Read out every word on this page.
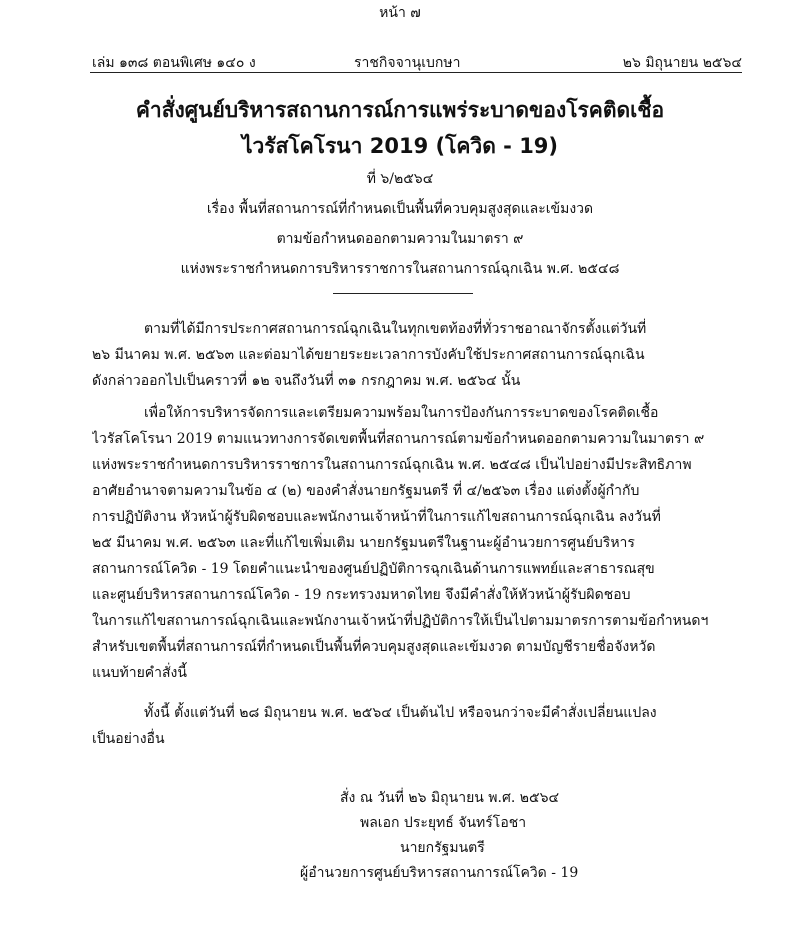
หน้า ๗
เล่ม ๑๓๘ ตอนพิเศษ ๑๔๐ ง	ราชกิจจานุเบกษา	๒๖ มิถุนายน ๒๕๖๔
คำสั่งศูนย์บริหารสถานการณ์การแพร่ระบาดของโรคติดเชื้อ
ไวรัสโคโรนา 2019 (โควิด - 19)
ที่ ๖/๒๕๖๔
เรื่อง พื้นที่สถานการณ์ที่กำหนดเป็นพื้นที่ควบคุมสูงสุดและเข้มงวด
ตามข้อกำหนดออกตามความในมาตรา ๙
แห่งพระราชกำหนดการบริหารราชการในสถานการณ์ฉุกเฉิน พ.ศ. ๒๕๔๘
ตามที่ได้มีการประกาศสถานการณ์ฉุกเฉินในทุกเขตท้องที่ทั่วราชอาณาจักรตั้งแต่วันที่
๒๖ มีนาคม พ.ศ. ๒๕๖๓ และต่อมาได้ขยายระยะเวลาการบังคับใช้ประกาศสถานการณ์ฉุกเฉิน
ดังกล่าวออกไปเป็นคราวที่ ๑๒ จนถึงวันที่ ๓๑ กรกฎาคม พ.ศ. ๒๕๖๔ นั้น
เพื่อให้การบริหารจัดการและเตรียมความพร้อมในการป้องกันการระบาดของโรคติดเชื้อ
ไวรัสโคโรนา 2019 ตามแนวทางการจัดเขตพื้นที่สถานการณ์ตามข้อกำหนดออกตามความในมาตรา ๙
แห่งพระราชกำหนดการบริหารราชการในสถานการณ์ฉุกเฉิน พ.ศ. ๒๕๔๘ เป็นไปอย่างมีประสิทธิภาพ
อาศัยอำนาจตามความในข้อ ๔ (๒) ของคำสั่งนายกรัฐมนตรี ที่ ๔/๒๕๖๓ เรื่อง แต่งตั้งผู้กำกับ
การปฏิบัติงาน หัวหน้าผู้รับผิดชอบและพนักงานเจ้าหน้าที่ในการแก้ไขสถานการณ์ฉุกเฉิน ลงวันที่
๒๕ มีนาคม พ.ศ. ๒๕๖๓ และที่แก้ไขเพิ่มเติม นายกรัฐมนตรีในฐานะผู้อำนวยการศูนย์บริหาร
สถานการณ์โควิด - 19 โดยคำแนะนำของศูนย์ปฏิบัติการฉุกเฉินด้านการแพทย์และสาธารณสุข
และศูนย์บริหารสถานการณ์โควิด - 19 กระทรวงมหาดไทย จึงมีคำสั่งให้หัวหน้าผู้รับผิดชอบ
ในการแก้ไขสถานการณ์ฉุกเฉินและพนักงานเจ้าหน้าที่ปฏิบัติการให้เป็นไปตามมาตรการตามข้อกำหนดฯ
สำหรับเขตพื้นที่สถานการณ์ที่กำหนดเป็นพื้นที่ควบคุมสูงสุดและเข้มงวด ตามบัญชีรายชื่อจังหวัด
แนบท้ายคำสั่งนี้
ทั้งนี้ ตั้งแต่วันที่ ๒๘ มิถุนายน พ.ศ. ๒๕๖๔ เป็นต้นไป หรือจนกว่าจะมีคำสั่งเปลี่ยนแปลง
เป็นอย่างอื่น
สั่ง ณ วันที่ ๒๖ มิถุนายน พ.ศ. ๒๕๖๔
พลเอก ประยุทธ์ จันทร์โอชา
นายกรัฐมนตรี
ผู้อำนวยการศูนย์บริหารสถานการณ์โควิด - 19
